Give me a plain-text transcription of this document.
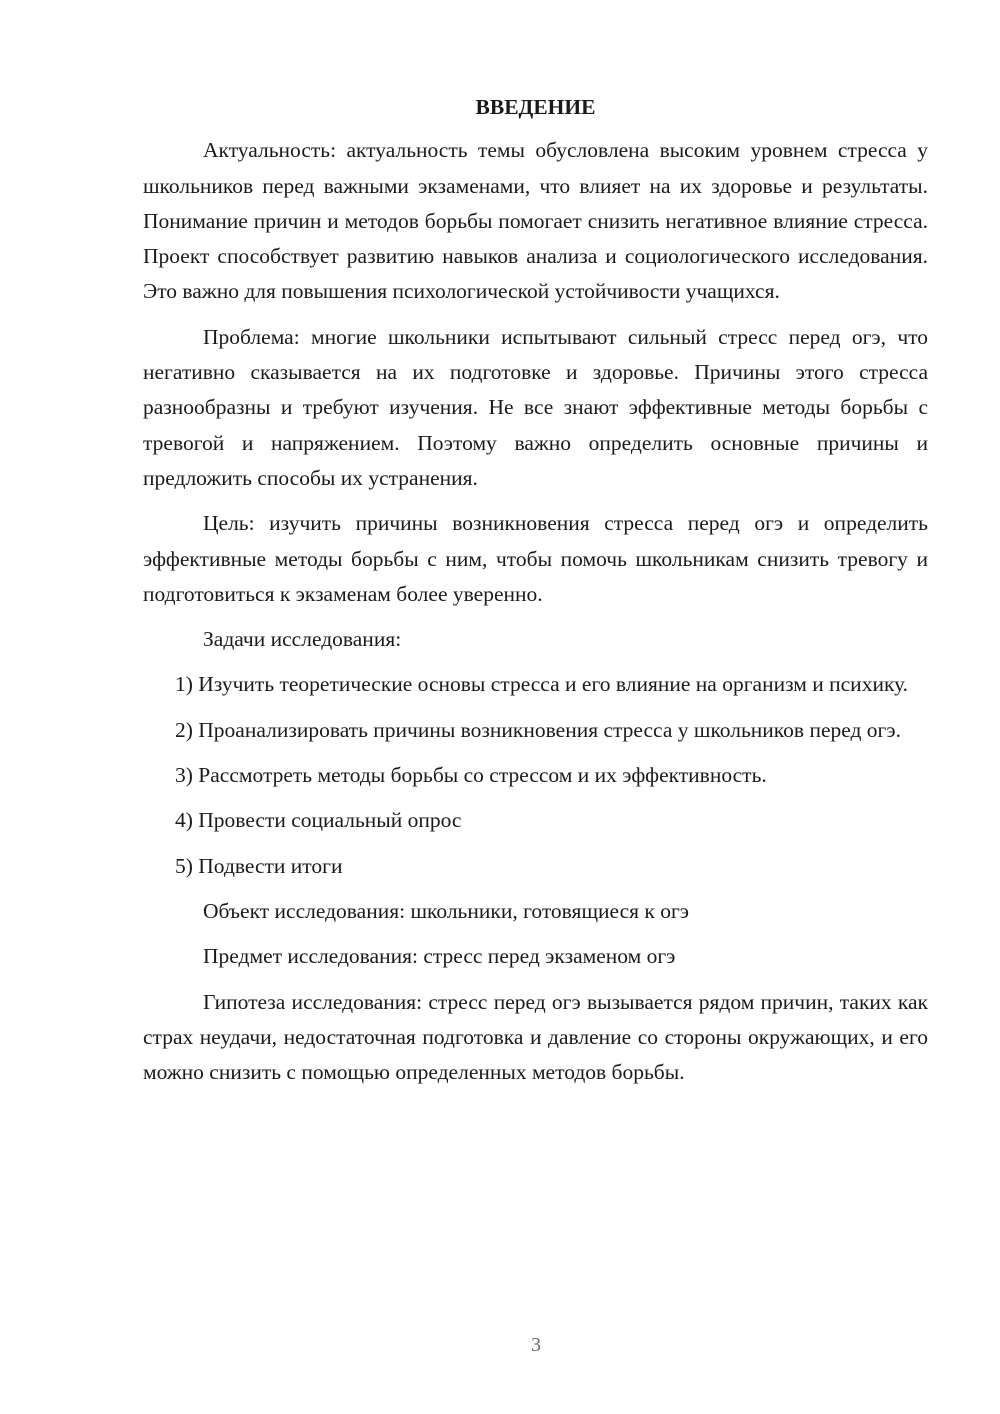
ВВЕДЕНИЕ

Актуальность: актуальность темы обусловлена высоким уровнем стресса у школьников перед важными экзаменами, что влияет на их здоровье и результаты. Понимание причин и методов борьбы помогает снизить негативное влияние стресса. Проект способствует развитию навыков анализа и социологического исследования. Это важно для повышения психологической устойчивости учащихся.

Проблема: многие школьники испытывают сильный стресс перед огэ, что негативно сказывается на их подготовке и здоровье. Причины этого стресса разнообразны и требуют изучения. Не все знают эффективные методы борьбы с тревогой и напряжением. Поэтому важно определить основные причины и предложить способы их устранения.

Цель: изучить причины возникновения стресса перед огэ и определить эффективные методы борьбы с ним, чтобы помочь школьникам снизить тревогу и подготовиться к экзаменам более уверенно.

Задачи исследования:

1) Изучить теоретические основы стресса и его влияние на организм и психику.

2) Проанализировать причины возникновения стресса у школьников перед огэ.

3) Рассмотреть методы борьбы со стрессом и их эффективность.

4) Провести социальный опрос

5) Подвести итоги

Объект исследования: школьники, готовящиеся к огэ

Предмет исследования: стресс перед экзаменом огэ

Гипотеза исследования: стресс перед огэ вызывается рядом причин, таких как страх неудачи, недостаточная подготовка и давление со стороны окружающих, и его можно снизить с помощью определенных методов борьбы.

3
